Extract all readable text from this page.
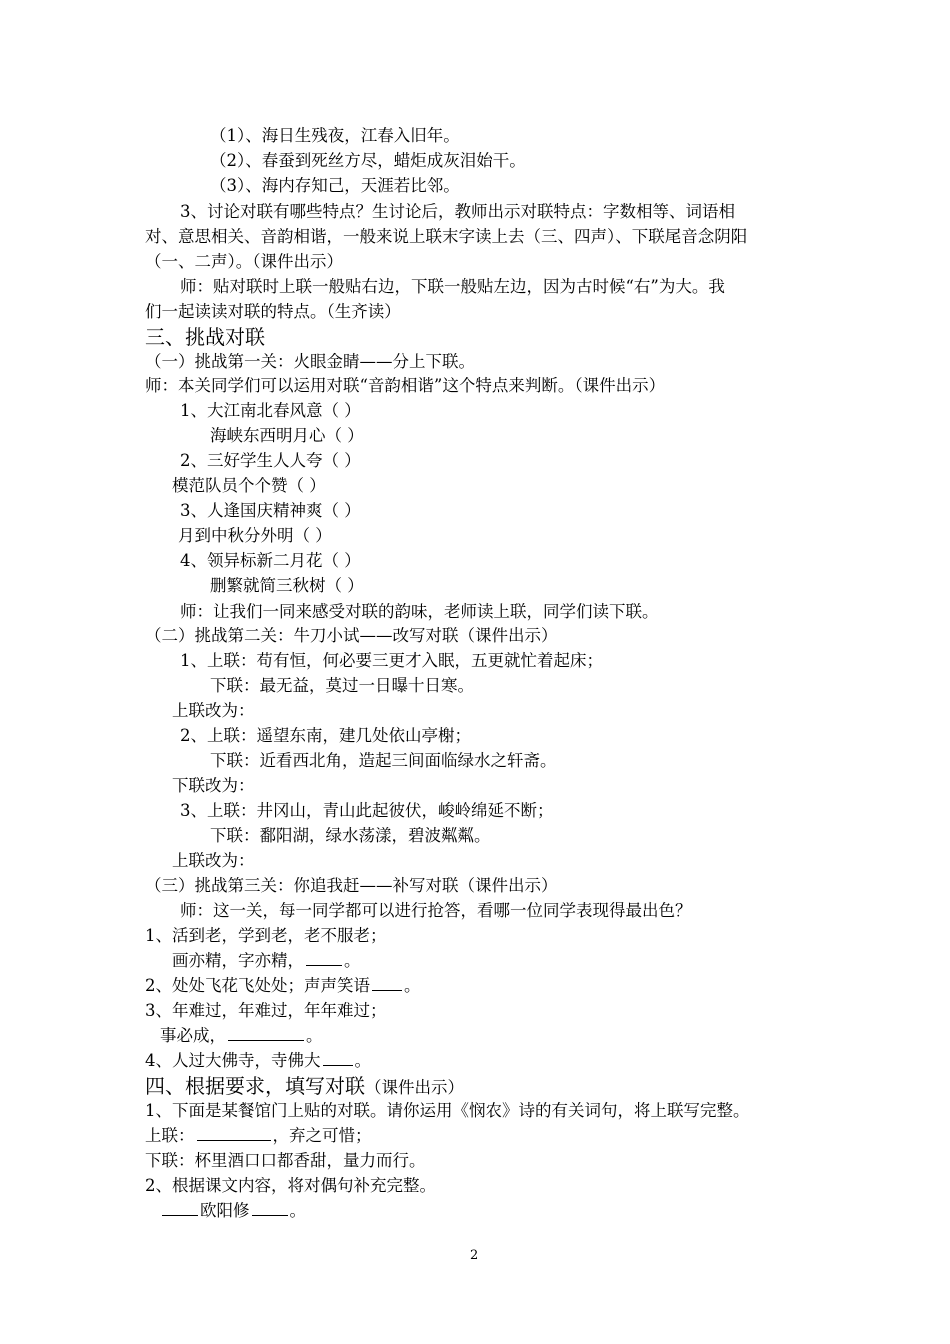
（1）、海日生残夜，江春入旧年。
（2）、春蚕到死丝方尽，蜡炬成灰泪始干。
（3）、海内存知己，天涯若比邻。
3、讨论对联有哪些特点？生讨论后，教师出示对联特点：字数相等、词语相
对、意思相关、音韵相谐，一般来说上联末字读上去（三、四声）、下联尾音念阴阳
（一、二声）。（课件出示）
师：贴对联时上联一般贴右边，下联一般贴左边，因为古时候“右”为大。我
们一起读读对联的特点。（生齐读）
三、挑战对联
（一）挑战第一关：火眼金睛——分上下联。
师：本关同学们可以运用对联“音韵相谐”这个特点来判断。（课件出示）
1、大江南北春风意（ ）
海峡东西明月心（ ）
2、三好学生人人夸（ ）
模范队员个个赞（ ）
3、人逢国庆精神爽（ ）
月到中秋分外明（ ）
4、领异标新二月花（ ）
删繁就简三秋树（ ）
师：让我们一同来感受对联的韵味，老师读上联，同学们读下联。
（二）挑战第二关：牛刀小试——改写对联（课件出示）
1、上联：苟有恒，何必要三更才入眠，五更就忙着起床；
下联：最无益，莫过一日曝十日寒。
上联改为：
2、上联：遥望东南，建几处依山亭榭；
下联：近看西北角，造起三间面临绿水之轩斋。
下联改为：
3、上联：井冈山，青山此起彼伏，峻岭绵延不断；
下联：鄱阳湖，绿水荡漾，碧波粼粼。
上联改为：
（三）挑战第三关：你追我赶——补写对联（课件出示）
师：这一关，每一同学都可以进行抢答，看哪一位同学表现得最出色？
1、活到老，学到老，老不服老；
画亦精，字亦精， 。
2、处处飞花飞处处；声声笑语 。
3、年难过，年难过，年年难过；
事必成，	。
4、人过大佛寺，寺佛大 。
四、根据要求，填写对联（课件出示）
1、下面是某餐馆门上贴的对联。请你运用《悯农》诗的有关词句，将上联写完整。
上联：	，弃之可惜；
下联：杯里酒口口都香甜，量力而行。
2、根据课文内容，将对偶句补充完整。
欧阳修 。
2
